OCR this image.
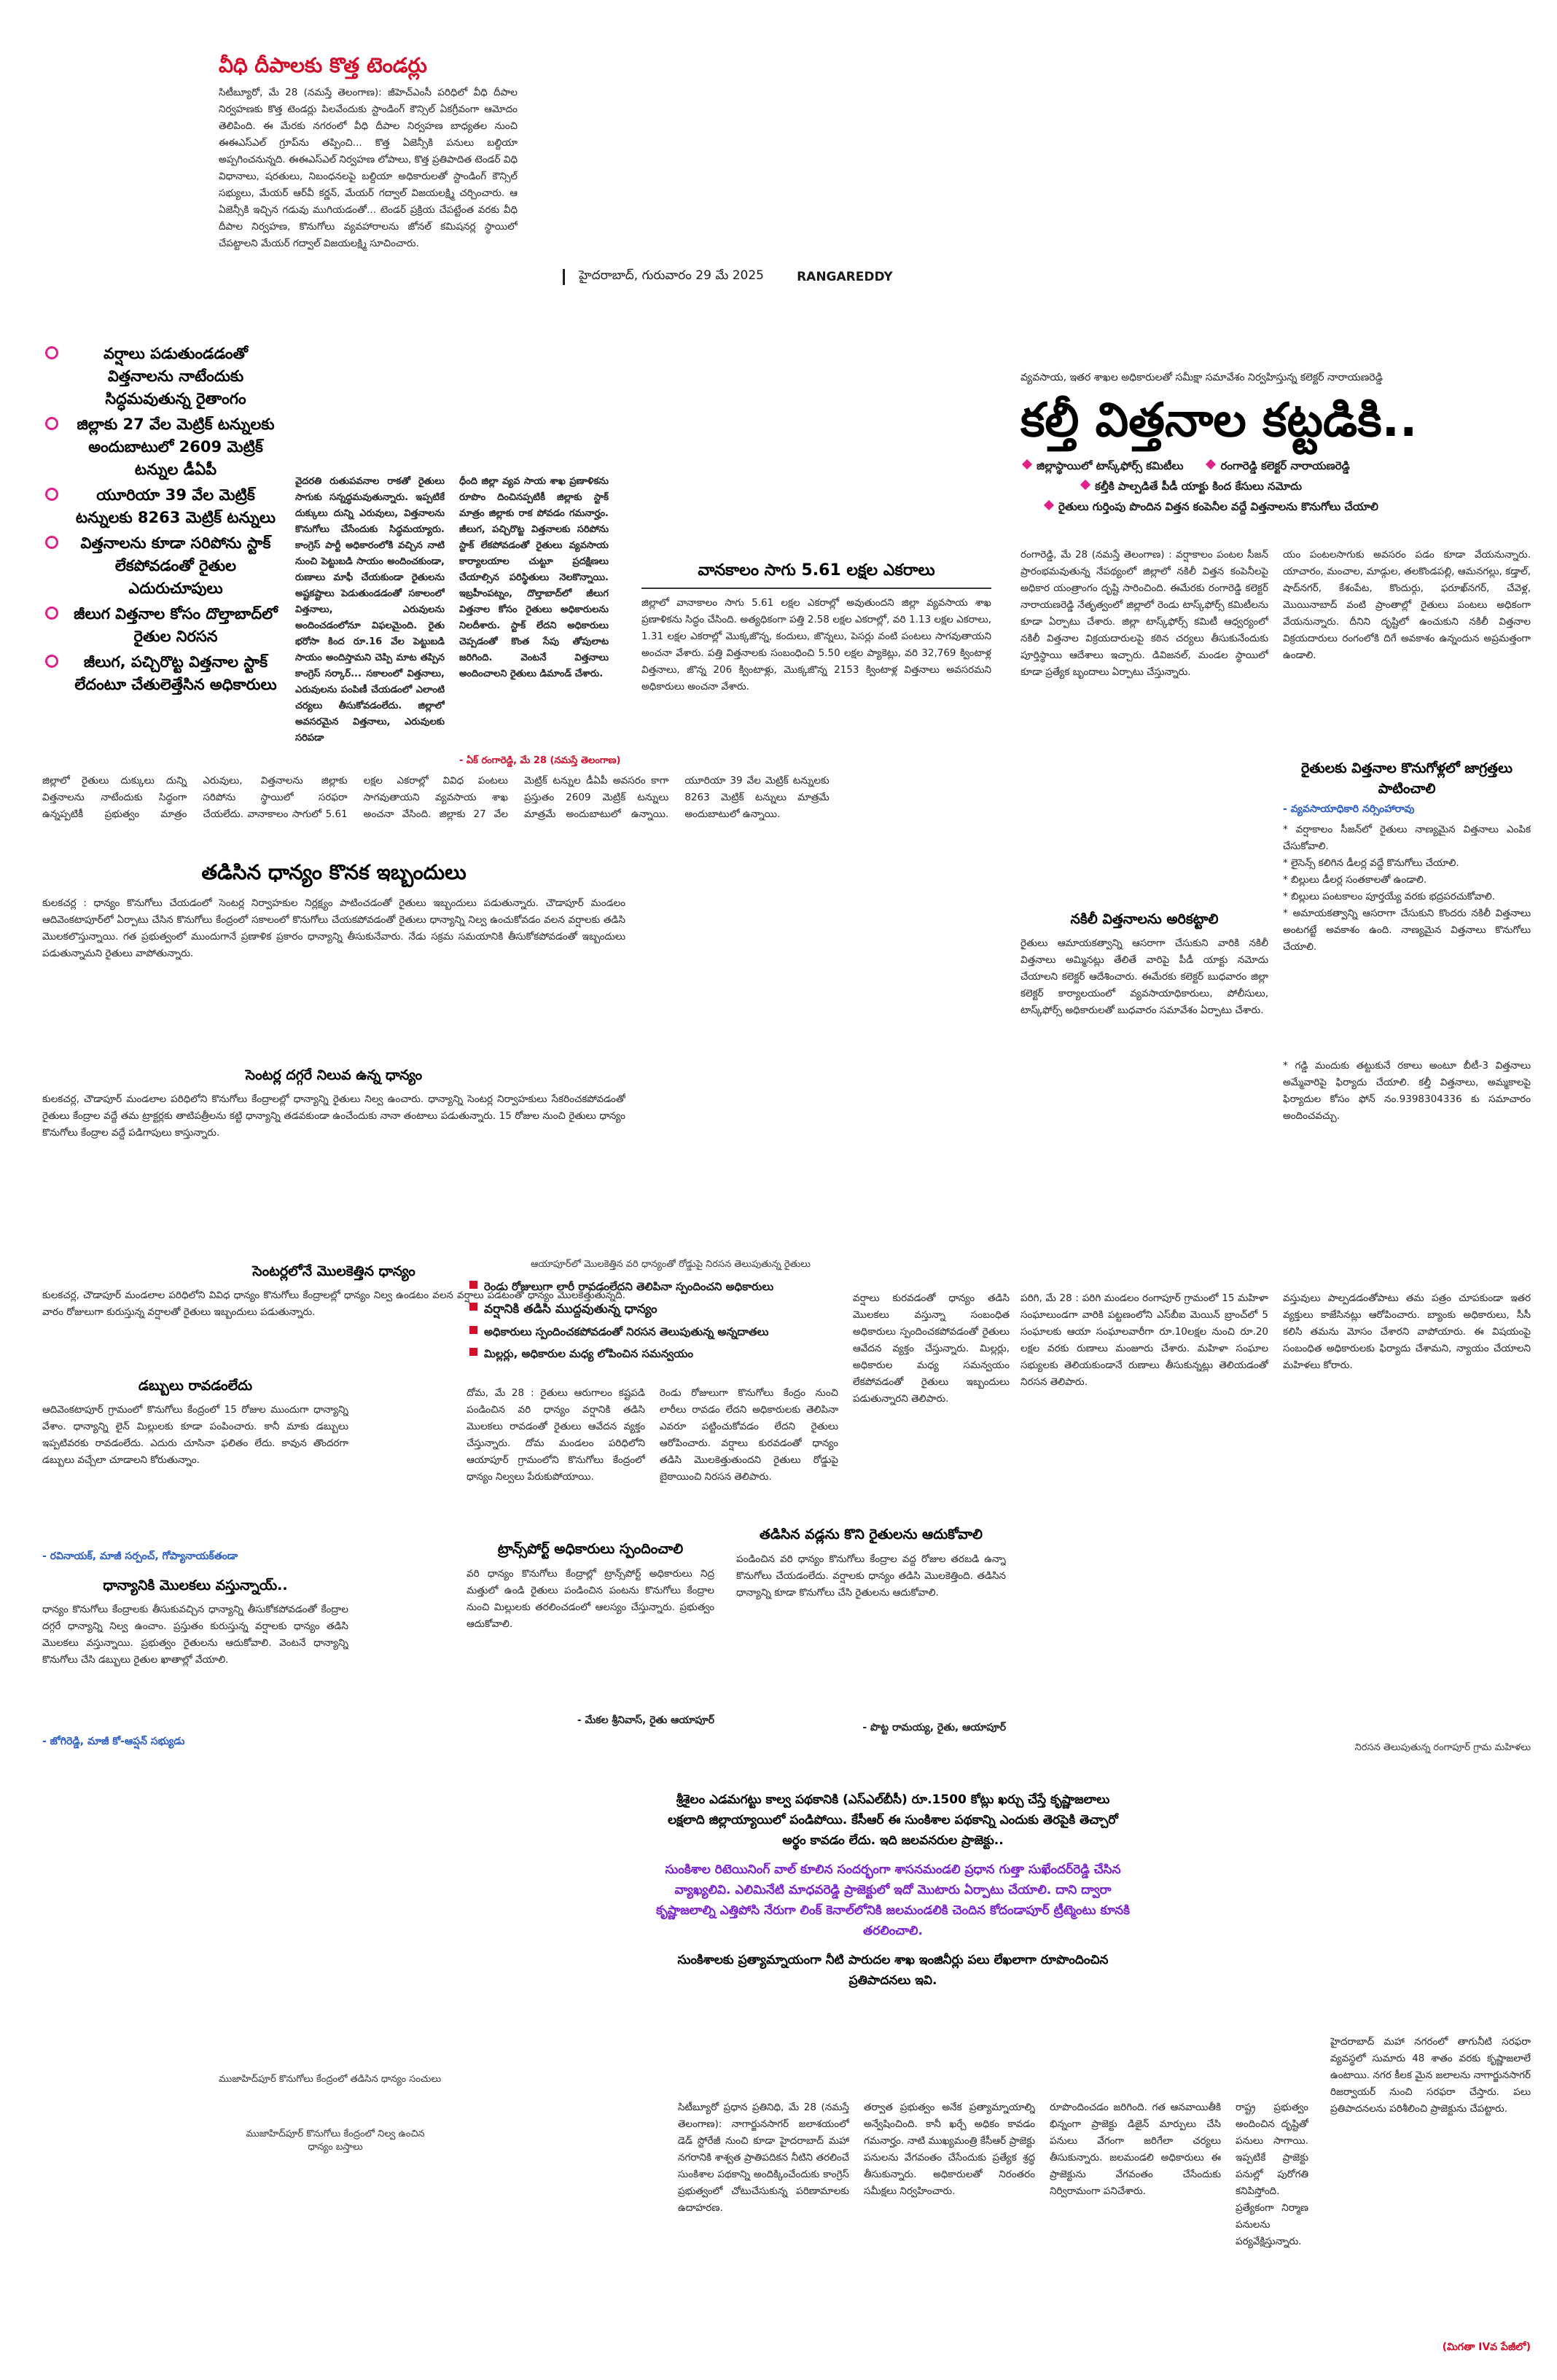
వీధి దీపాలకు కొత్త టెండర్లు
సిటీబ్యూరో, మే 28 (నమస్తే తెలంగాణ): జీహెచ్‌ఎంసీ పరిధిలో వీధి దీపాల నిర్వహణకు కొత్త టెండర్లు పిలవేందుకు స్టాండింగ్ కౌన్సిల్ ఏకగ్రీవంగా ఆమోదం తెలిపింది. ఈ మేరకు నగరంలో వీధి దీపాల నిర్వహణ బాధ్యతల నుంచి ఈఈఎస్‌ఎల్ గ్రూప్‌ను తప్పించి... కొత్త ఏజెన్సీకి పనులు బల్దియా అప్పగించనున్నది. ఈఈఎస్‌ఎల్ నిర్వహణ లోపాలు, కొత్త ప్రతిపాదిత టెండర్ విధి విధానాలు, షరతులు, నిబంధనలపై బల్దియా అధికారులతో స్టాండింగ్ కౌన్సిల్ సభ్యులు, మేయర్ ఆర్‌వీ కర్ణన్, మేయర్ గద్వాల్ విజయలక్ష్మి చర్చించారు. ఆ ఏజెన్సీకి ఇచ్చిన గడువు ముగియడంతో... టెండర్ ప్రక్రియ చేపట్టేంత వరకు వీధి దీపాల నిర్వహణ, కొనుగోలు వ్యవహారాలను జోనల్ కమిషనర్ల స్థాయిలో చేపట్టాలని మేయర్ గద్వాల్ విజయలక్ష్మి సూచించారు.
హైదరాబాద్‌, గురువారం 29 మే 2025	RANGAREDDY
వర్షాలు పడుతుండడంతో విత్తనాలను నాటేందుకు సిద్ధమవుతున్న రైతాంగం
జిల్లాకు 27 వేల మెట్రిక్ టన్నులకు అందుబాటులో 2609 మెట్రిక్ టన్నుల డీఏపీ
యూరియా 39 వేల మెట్రిక్ టన్నులకు 8263 మెట్రిక్ టన్నులు
విత్తనాలను కూడా సరిపోను స్టాక్ లేకపోవడంతో రైతుల ఎదురుచూపులు
జీలుగ విత్తనాల కోసం దొల్తాబాద్‌లో రైతుల నిరసన
జీలుగ, పచ్చిరొట్ట విత్తనాల స్టాక్ లేదంటూ చేతులెత్తేసిన అధికారులు
వైదరతి రుతుపవనాల రాకతో రైతులు సాగుకు సన్నద్ధమవుతున్నారు. ఇప్పటికే దుక్కులు దున్ని ఎరువులు, విత్తనాలను కొనుగోలు చేసేందుకు సిద్ధమయ్యారు. కాంగ్రెస్ పార్టీ అధికారంలోకి వచ్చిన నాటి నుంచి పెట్టుబడి సాయం అందించకుండా, రుణాలు మాఫీ చేయకుండా రైతులను అష్టకష్టాలు పెడుతుండడంతో సకాలంలో విత్తనాలు, ఎరువులను అందించడంలోనూ విఫలమైంది. రైతు భరోసా కింద రూ.16 వేల పెట్టుబడి సాయం అందిస్తామని చెప్పి మాట తప్పిన కాంగ్రెస్ సర్కార్... సకాలంలో విత్తనాలు, ఎరువులను పంపిణీ చేయడంలో ఎలాంటి చర్యలు తీసుకోవడంలేదు. జిల్లాలో అవసరమైన విత్తనాలు, ఎరువులకు సరిపడా
ధీంది జిల్లా వ్యవ సాయ శాఖ ప్రణాళికను రూపొం దించినప్పటికీ జిల్లాకు స్టాక్ మాత్రం జిల్లాకు రాక పోవడం గమనార్హం. జీలుగ, పచ్చిరొట్ట విత్తనాలకు సరిపోను స్టాక్ లేకపోవడంతో రైతులు వ్యవసాయ కార్యాలయాల చుట్టూ ప్రదక్షిణలు చేయాల్సిన పరిస్థితులు నెలకొన్నాయి. ఇబ్రహీంపట్నం, దొల్తాబాద్‌లో జీలుగ విత్తనాల కోసం రైతులు అధికారులను నిలదీశారు. స్టాక్ లేదని అధికారులు చెప్పడంతో కొంత సేపు తోపులాట జరిగింది. వెంటనే విత్తనాలు అందించాలని రైతులు డిమాండ్ చేశారు.
- ఏక్ రంగారెడ్డి, మే 28 (నమస్తే తెలంగాణ)
జిల్లాలో రైతులు దుక్కులు దున్ని విత్తనాలను నాటేందుకు సిద్ధంగా ఉన్నప్పటికీ ప్రభుత్వం మాత్రం ఎరువులు, విత్తనాలను జిల్లాకు సరిపోను స్థాయిలో సరఫరా చేయలేదు. వానాకాలం సాగులో 5.61 లక్షల ఎకరాల్లో వివిధ పంటలు సాగవుతాయని వ్యవసాయ శాఖ అంచనా వేసింది. జిల్లాకు 27 వేల మెట్రిక్ టన్నుల డీఏపీ అవసరం కాగా ప్రస్తుతం 2609 మెట్రిక్ టన్నులు మాత్రమే అందుబాటులో ఉన్నాయి. యూరియా 39 వేల మెట్రిక్ టన్నులకు 8263 మెట్రిక్ టన్నులు మాత్రమే అందుబాటులో ఉన్నాయి.
వానకాలం సాగు 5.61 లక్షల ఎకరాలు
జిల్లాలో వానాకాలం సాగు 5.61 లక్షల ఎకరాల్లో అవుతుందని జిల్లా వ్యవసాయ శాఖ ప్రణాళికను సిద్ధం చేసింది. అత్యధికంగా పత్తి 2.58 లక్షల ఎకరాల్లో, వరి 1.13 లక్షల ఎకరాలు, 1.31 లక్షల ఎకరాల్లో మొక్కజొన్న, కందులు, జొన్నలు, పెసర్లు వంటి పంటలు సాగవుతాయని అంచనా వేశారు. పత్తి విత్తనాలకు సంబంధించి 5.50 లక్షల ప్యాకెట్లు, వరి 32,769 క్వింటాళ్ల విత్తనాలు, జొన్న 206 క్వింటాళ్లు, మొక్కజొన్న 2153 క్వింటాళ్ల విత్తనాలు అవసరమని అధికారులు అంచనా వేశారు.
తడిసిన ధాన్యం కొనక ఇబ్బందులు
కులకచర్ల : ధాన్యం కొనుగోలు చేయడంలో సెంటర్ల నిర్వాహకుల నిర్లక్ష్యం పాటించడంతో రైతులు ఇబ్బందులు పడుతున్నారు. చౌడాపూర్ మండలం ఆదివెంకటాపూర్‌లో ఏర్పాటు చేసిన కొనుగోలు కేంద్రంలో సకాలంలో కొనుగోలు చేయకపోవడంతో రైతులు ధాన్యాన్ని నిల్వ ఉంచుకోవడం వలన వర్షాలకు తడిసి మొలకలొస్తున్నాయి. గత ప్రభుత్వంలో ముందుగానే ప్రణాళిక ప్రకారం ధాన్యాన్ని తీసుకునేవారు. నేడు సక్రమ సమయానికి తీసుకోకపోవడంతో ఇబ్బందులు పడుతున్నామని రైతులు వాపోతున్నారు.
సెంటర్ల దగ్గరే నిలువ ఉన్న ధాన్యం
కులకచర్ల, చౌడాపూర్ మండలాల పరిధిలోని కొనుగోలు కేంద్రాలల్లో ధాన్యాన్ని రైతులు నిల్వ ఉంచారు. ధాన్యాన్ని సెంటర్ల నిర్వాహకులు సేకరించకపోవడంతో రైతులు కేంద్రాల వద్దే తమ ట్రాక్టర్లకు తాటిపత్రీలను కట్టి ధాన్యాన్ని తడవకుండా ఉంచేందుకు నానా తంటాలు పడుతున్నారు. 15 రోజుల నుంచి రైతులు ధాన్యం కొనుగోలు కేంద్రాల వద్దే పడిగాపులు కాస్తున్నారు.
సెంటర్లలోనే మొలకెత్తిన ధాన్యం
కులకచర్ల, చౌడాపూర్ మండలాల పరిధిలోని వివిధ ధాన్యం కొనుగోలు కేంద్రాలల్లో ధాన్యం నిల్వ ఉండటం వలన వర్షాలు పడటంతో ధాన్యం మొలకెత్తుతున్నది. వారం రోజులుగా కురుస్తున్న వర్షాలతో రైతులు ఇబ్బందులు పడుతున్నారు.
డబ్బులు రావడంలేదు
ఆదివెంకటాపూర్ గ్రామంలో కొనుగోలు కేంద్రంలో 15 రోజుల ముందుగా ధాన్యాన్ని వేశాం. ధాన్యాన్ని లైన్ మిల్లులకు కూడా పంపించారు. కానీ మాకు డబ్బులు ఇప్పటివరకు రావడంలేదు. ఎదురు చూసినా ఫలితం లేదు. కావున తొందరగా డబ్బులు వచ్చేలా చూడాలని కోరుతున్నాం.
- రవినాయక్, మాజీ సర్పంచ్, గోప్యానాయక్‌తండా
ధాన్యానికి మొలకలు వస్తున్నాయ్..
ధాన్యం కొనుగోలు కేంద్రాలకు తీసుకువచ్చిన ధాన్యాన్ని తీసుకోకపోవడంతో కేంద్రాల దగ్గరే ధాన్యాన్ని నిల్వ ఉంచాం. ప్రస్తుతం కురుస్తున్న వర్షాలకు ధాన్యం తడిసి మొలకలు వస్తున్నాయి. ప్రభుత్వం రైతులను ఆదుకోవాలి. వెంటనే ధాన్యాన్ని కొనుగోలు చేసి డబ్బులు రైతుల ఖాతాల్లో వేయాలి.
- జోగిరెడ్డి, మాజీ కో-ఆప్షన్ సభ్యుడు
వ్యవసాయ, ఇతర శాఖల అధికారులతో సమీక్షా సమావేశం నిర్వహిస్తున్న కలెక్టర్ నారాయణరెడ్డి
కల్తీ విత్తనాల కట్టడికి..
జిల్లాస్థాయిలో టాస్క్‌ఫోర్స్ కమిటీలు	రంగారెడ్డి కలెక్టర్ నారాయణరెడ్డి
కల్తీకి పాల్పడితే పీడీ యాక్టు కింద కేసులు నమోదు
రైతులు గుర్తింపు పొందిన విత్తన కంపెనీల వద్దే విత్తనాలను కొనుగోలు చేయాలి
రంగారెడ్డి, మే 28 (నమస్తే తెలంగాణ) : వర్షాకాలం పంటల సీజన్ ప్రారంభమవుతున్న నేపథ్యంలో జిల్లాలో నకిలీ విత్తన కంపెనీలపై అధికార యంత్రాంగం దృష్టి సారించింది. ఈమేరకు రంగారెడ్డి కలెక్టర్ నారాయణరెడ్డి నేతృత్వంలో జిల్లాలో రెండు టాస్క్‌ఫోర్స్ కమిటీలను కూడా ఏర్పాటు చేశారు. జిల్లా టాస్క్‌ఫోర్స్ కమిటీ ఆధ్వర్యంలో నకిలీ విత్తనాల విక్రయదారులపై కఠిన చర్యలు తీసుకునేందుకు పూర్తిస్థాయి ఆదేశాలు ఇచ్చారు. డివిజనల్, మండల స్థాయిలో కూడా ప్రత్యేక బృందాలు ఏర్పాటు చేస్తున్నారు.
నకిలీ విత్తనాలను అరికట్టాలి
రైతులు ఆమాయకత్వాన్ని ఆసరాగా చేసుకుని వారికి నకిలీ విత్తనాలు అమ్మినట్లు తేలితే వారిపై పీడీ యాక్టు నమోదు చేయాలని కలెక్టర్ ఆదేశించారు. ఈమేరకు కలెక్టర్ బుధవారం జిల్లా కలెక్టర్ కార్యాలయంలో వ్యవసాయాధికారులు, పోలీసులు, టాస్క్‌ఫోర్స్ అధికారులతో బుధవారం సమావేశం ఏర్పాటు చేశారు.
యం పంటలసాగుకు అవసరం పడం కూడా వేయనున్నారు. యాచారం, మంచాల, మాడ్గుల, తలకొండపల్లి, ఆమనగల్లు, కడ్తాల్, షాద్‌నగర్, కేశంపేట, కొందుర్గు, ఫరూఖ్‌నగర్, చేవెళ్ల, మొయినాబాద్ వంటి ప్రాంతాల్లో రైతులు పంటలు అధికంగా వేయనున్నారు. దీనిని దృష్టిలో ఉంచుకుని నకిలీ విత్తనాల విక్రయదారులు రంగంలోకి దిగే అవకాశం ఉన్నందున అప్రమత్తంగా ఉండాలి.
రైతులకు విత్తనాల కొనుగోళ్లలో జాగ్రత్తలు పాటించాలి
- వ్యవసాయాధికారి నర్సింహారావు
* వర్షాకాలం సీజన్‌లో రైతులు నాణ్యమైన విత్తనాలు ఎంపిక చేసుకోవాలి.
* లైసెన్స్ కలిగిన డీలర్ల వద్దే కొనుగోలు చేయాలి.
* బిల్లులు డీలర్ల సంతకాలతో ఉండాలి.
* బిల్లులు పంటకాలం పూర్తయ్యే వరకు భద్రపరచుకోవాలి.
* అమాయకత్వాన్ని ఆసరాగా చేసుకుని కొందరు నకిలీ విత్తనాలు అంటగట్టే అవకాశం ఉంది. నాణ్యమైన విత్తనాలు కొనుగోలు చేయాలి.
* గడ్డి మందుకు తట్టుకునే రకాలు అంటూ బీటీ-3 విత్తనాలు అమ్మేవారిపై ఫిర్యాదు చేయాలి. కల్తీ విత్తనాలు, అమ్మకాలపై ఫిర్యాదుల కోసం ఫోన్ నం.9398304336 కు సమాచారం అందించవచ్చు.
ఆయాపూర్‌లో మొలకెత్తిన వరి ధాన్యంతో రోడ్డుపై నిరసన తెలుపుతున్న రైతులు
రెండు రోజులుగా లారీ రావడంలేదని తెలిపినా స్పందించని అధికారులు
వర్షానికి తడిసి ముద్దవుతున్న ధాన్యం
అధికారులు స్పందించకపోవడంతో నిరసన తెలుపుతున్న అన్నదాతలు
మిల్లర్లు, అధికారుల మధ్య లోపించిన సమన్వయం
దోమ, మే 28 : రైతులు ఆరుగాలం కష్టపడి పండించిన వరి ధాన్యం వర్షానికి తడిసి మొలకలు రావడంతో రైతులు ఆవేదన వ్యక్తం చేస్తున్నారు. దోమ మండలం పరిధిలోని ఆయాపూర్ గ్రామంలోని కొనుగోలు కేంద్రంలో ధాన్యం నిల్వలు పేరుకుపోయాయి.
రెండు రోజులుగా కొనుగోలు కేంద్రం నుంచి లారీలు రావడం లేదని అధికారులకు తెలిపినా ఎవరూ పట్టించుకోవడం లేదని రైతులు ఆరోపించారు. వర్షాలు కురవడంతో ధాన్యం తడిసి మొలకెత్తుతుందని రైతులు రోడ్డుపై బైఠాయించి నిరసన తెలిపారు.
వర్షాలు కురవడంతో ధాన్యం తడిసి మొలకలు వస్తున్నా సంబంధిత అధికారులు స్పందించకపోవడంతో రైతులు ఆవేదన వ్యక్తం చేస్తున్నారు. మిల్లర్లు, అధికారుల మధ్య సమన్వయం లేకపోవడంతో రైతులు ఇబ్బందులు పడుతున్నారని తెలిపారు.
ట్రాన్స్‌పోర్ట్ అధికారులు స్పందించాలి
వరి ధాన్యం కొనుగోలు కేంద్రాల్లో ట్రాన్స్‌పోర్ట్ అధికారులు నిద్ర మత్తులో ఉండి రైతులు పండించిన పంటను కొనుగోలు కేంద్రాల నుంచి మిల్లులకు తరలించడంలో ఆలస్యం చేస్తున్నారు. ప్రభుత్వం ఆదుకోవాలి.
- మేకల శ్రీనివాస్, రైతు ఆయాపూర్
తడిసిన వడ్లను కొని రైతులను ఆదుకోవాలి
పండించిన వరి ధాన్యం కొనుగోలు కేంద్రాల వద్ద రోజుల తరబడి ఉన్నా కొనుగోలు చేయడంలేదు. వర్షాలకు ధాన్యం తడిసి మొలకెత్తింది. తడిసిన ధాన్యాన్ని కూడా కొనుగోలు చేసి రైతులను ఆదుకోవాలి.
- పొట్ట రామయ్య, రైతు, ఆయాపూర్
పరిగి, మే 28 : పరిగి మండలం రంగాపూర్ గ్రామంలో 15 మహిళా సంఘాలుండగా వారికి పట్టణంలోని ఎస్‌బీఐ మెయిన్ బ్రాంచ్‌లో 5 సంఘాలకు ఆయా సంఘాలవారీగా రూ.10లక్షల నుంచి రూ.20 లక్షల వరకు రుణాలు మంజూరు చేశారు. మహిళా సంఘాల సభ్యులకు తెలియకుండానే రుణాలు తీసుకున్నట్లు తెలియడంతో నిరసన తెలిపారు.
వస్తువులు పాల్పడడంతోపాటు తమ పత్రం చూపకుండా ఇతర వ్యక్తులు కాజేసినట్లు ఆరోపించారు. బ్యాంకు అధికారులు, సీసీ కలిసి తమను మోసం చేశారని వాపోయారు. ఈ విషయంపై సంబంధిత అధికారులకు ఫిర్యాదు చేశామని, న్యాయం చేయాలని మహిళలు కోరారు.
నిరసన తెలుపుతున్న రంగాపూర్ గ్రామ మహిళలు
శ్రీశైలం ఎడమగట్టు కాల్వ పథకానికి (ఎస్‌ఎల్‌బీసీ) రూ.1500 కోట్లు ఖర్చు చేస్తే కృష్ణాజలాలు లక్షలాది జిల్లాయ్యాయిలో పండిపోయి. కేసీఆర్ ఈ సుంకిశాల పథకాన్ని ఎందుకు తెరపైకి తెచ్చారో అర్థం కావడం లేదు. ఇది జలవనరుల ప్రాజెక్టు..
సుంకిశాల రిటెయినింగ్ వాల్ కూలిన సందర్భంగా శాసనమండలి ప్రధాన గుత్తా సుఖేందర్‌రెడ్డి చేసిన వ్యాఖ్యలివి. ఎలిమినేటి మాధవరెడ్డి ప్రాజెక్టులో ఇదో మొటారు ఏర్పాటు చేయాలి. దాని ద్వారా కృష్ణాజలాల్ని ఎత్తిపోసి నేరుగా లింక్ కెనాల్‌లోనికి జలమండలికి చెందిన కోదండాపూర్ ట్రీట్మెంటు కూనకి తరలించాలి.
సుంకిశాలకు ప్రత్యామ్నాయంగా నీటి పారుదల శాఖ ఇంజినీర్లు పలు లేఖలాగా రూపొందించిన ప్రతిపాదనలు ఇవి.
ముజాహిద్‌పూర్ కొనుగోలు కేంద్రంలో తడిసిన ధాన్యం సంచులు
ముజాహిద్‌పూర్ కొనుగోలు కేంద్రంలో నిల్వ ఉంచిన ధాన్యం బస్తాలు
సిటీబ్యూరో ప్రధాన ప్రతినిధి, మే 28 (నమస్తే తెలంగాణ): నాగార్జునసాగర్ జలాశయంలో డెడ్ స్టోరేజీ నుంచి కూడా హైదరాబాద్ మహా నగరానికి శాశ్వత ప్రాతిపదికన నీటిని తరలించే సుంకిశాల పథకాన్ని అందిక్కించేందుకు కాంగ్రెస్ ప్రభుత్వంలో చోటుచేసుకున్న పరిణామాలకు ఉదాహరణ.
తర్వాత ప్రభుత్వం అనేక ప్రత్యామ్నాయాల్ని అన్వేషించింది. కానీ ఖర్చే అధికం కావడం గమనార్హం. నాటి ముఖ్యమంత్రి కేసీఆర్ ప్రాజెక్టు పనులను వేగవంతం చేసేందుకు ప్రత్యేక శ్రద్ధ తీసుకున్నారు. అధికారులతో నిరంతరం సమీక్షలు నిర్వహించారు.
రూపొందించడం జరిగింది. గత ఆనవాయితీకి భిన్నంగా ప్రాజెక్టు డిజైన్ మార్పులు చేసి పనులు వేగంగా జరిగేలా చర్యలు తీసుకున్నారు. జలమండలి అధికారులు ఈ ప్రాజెక్టును వేగవంతం చేసేందుకు నిర్విరామంగా పనిచేశారు.
రాష్ట్ర ప్రభుత్వం అందించిన దృష్టితో పనులు సాగాయి. ఇప్పటికే ప్రాజెక్టు పనుల్లో పురోగతి కనిపిస్తోంది. ప్రత్యేకంగా నిర్మాణ పనులను పర్యవేక్షిస్తున్నారు.
హైదరాబాద్ మహా నగరంలో తాగునీటి సరఫరా వ్యవస్థలో సుమారు 48 శాతం వరకు కృష్ణాజలాలే ఉంటాయి. నగర కీలక మైన జలాలను నాగార్జునసాగర్ రిజర్వాయర్ నుంచి సరఫరా చేస్తారు. పలు ప్రతిపాదనలను పరిశీలించి ప్రాజెక్టును చేపట్టారు.
(మిగతా IVవ పేజీలో)
